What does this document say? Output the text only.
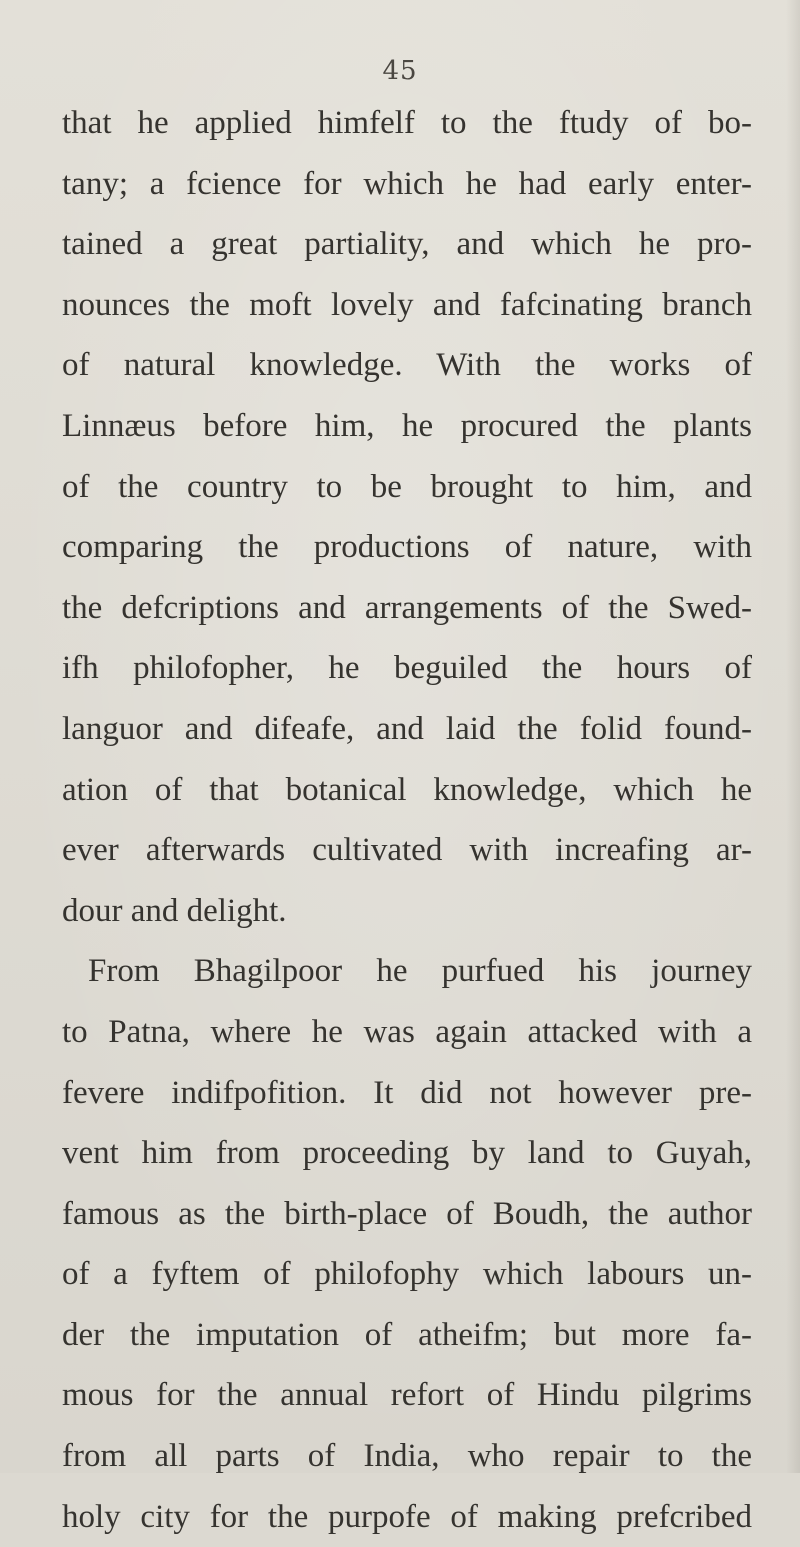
45
that he applied himfelf to the ftudy of bo-
tany; a fcience for which he had early enter-
tained a great partiality, and which he pro-
nounces the moft lovely and fafcinating branch
of natural knowledge. With the works of
Linnæus before him, he procured the plants
of the country to be brought to him, and
comparing the productions of nature, with
the defcriptions and arrangements of the Swed-
ifh philofopher, he beguiled the hours of
languor and difeafe, and laid the folid found-
ation of that botanical knowledge, which he
ever afterwards cultivated with increafing ar-
dour and delight.
From Bhagilpoor he purfued his journey
to Patna, where he was again attacked with a
fevere indifpofition. It did not however pre-
vent him from proceeding by land to Guyah,
famous as the birth-place of Boudh, the author
of a fyftem of philofophy which labours un-
der the imputation of atheifm; but more fa-
mous for the annual refort of Hindu pilgrims
from all parts of India, who repair to the
holy city for the purpofe of making prefcribed
